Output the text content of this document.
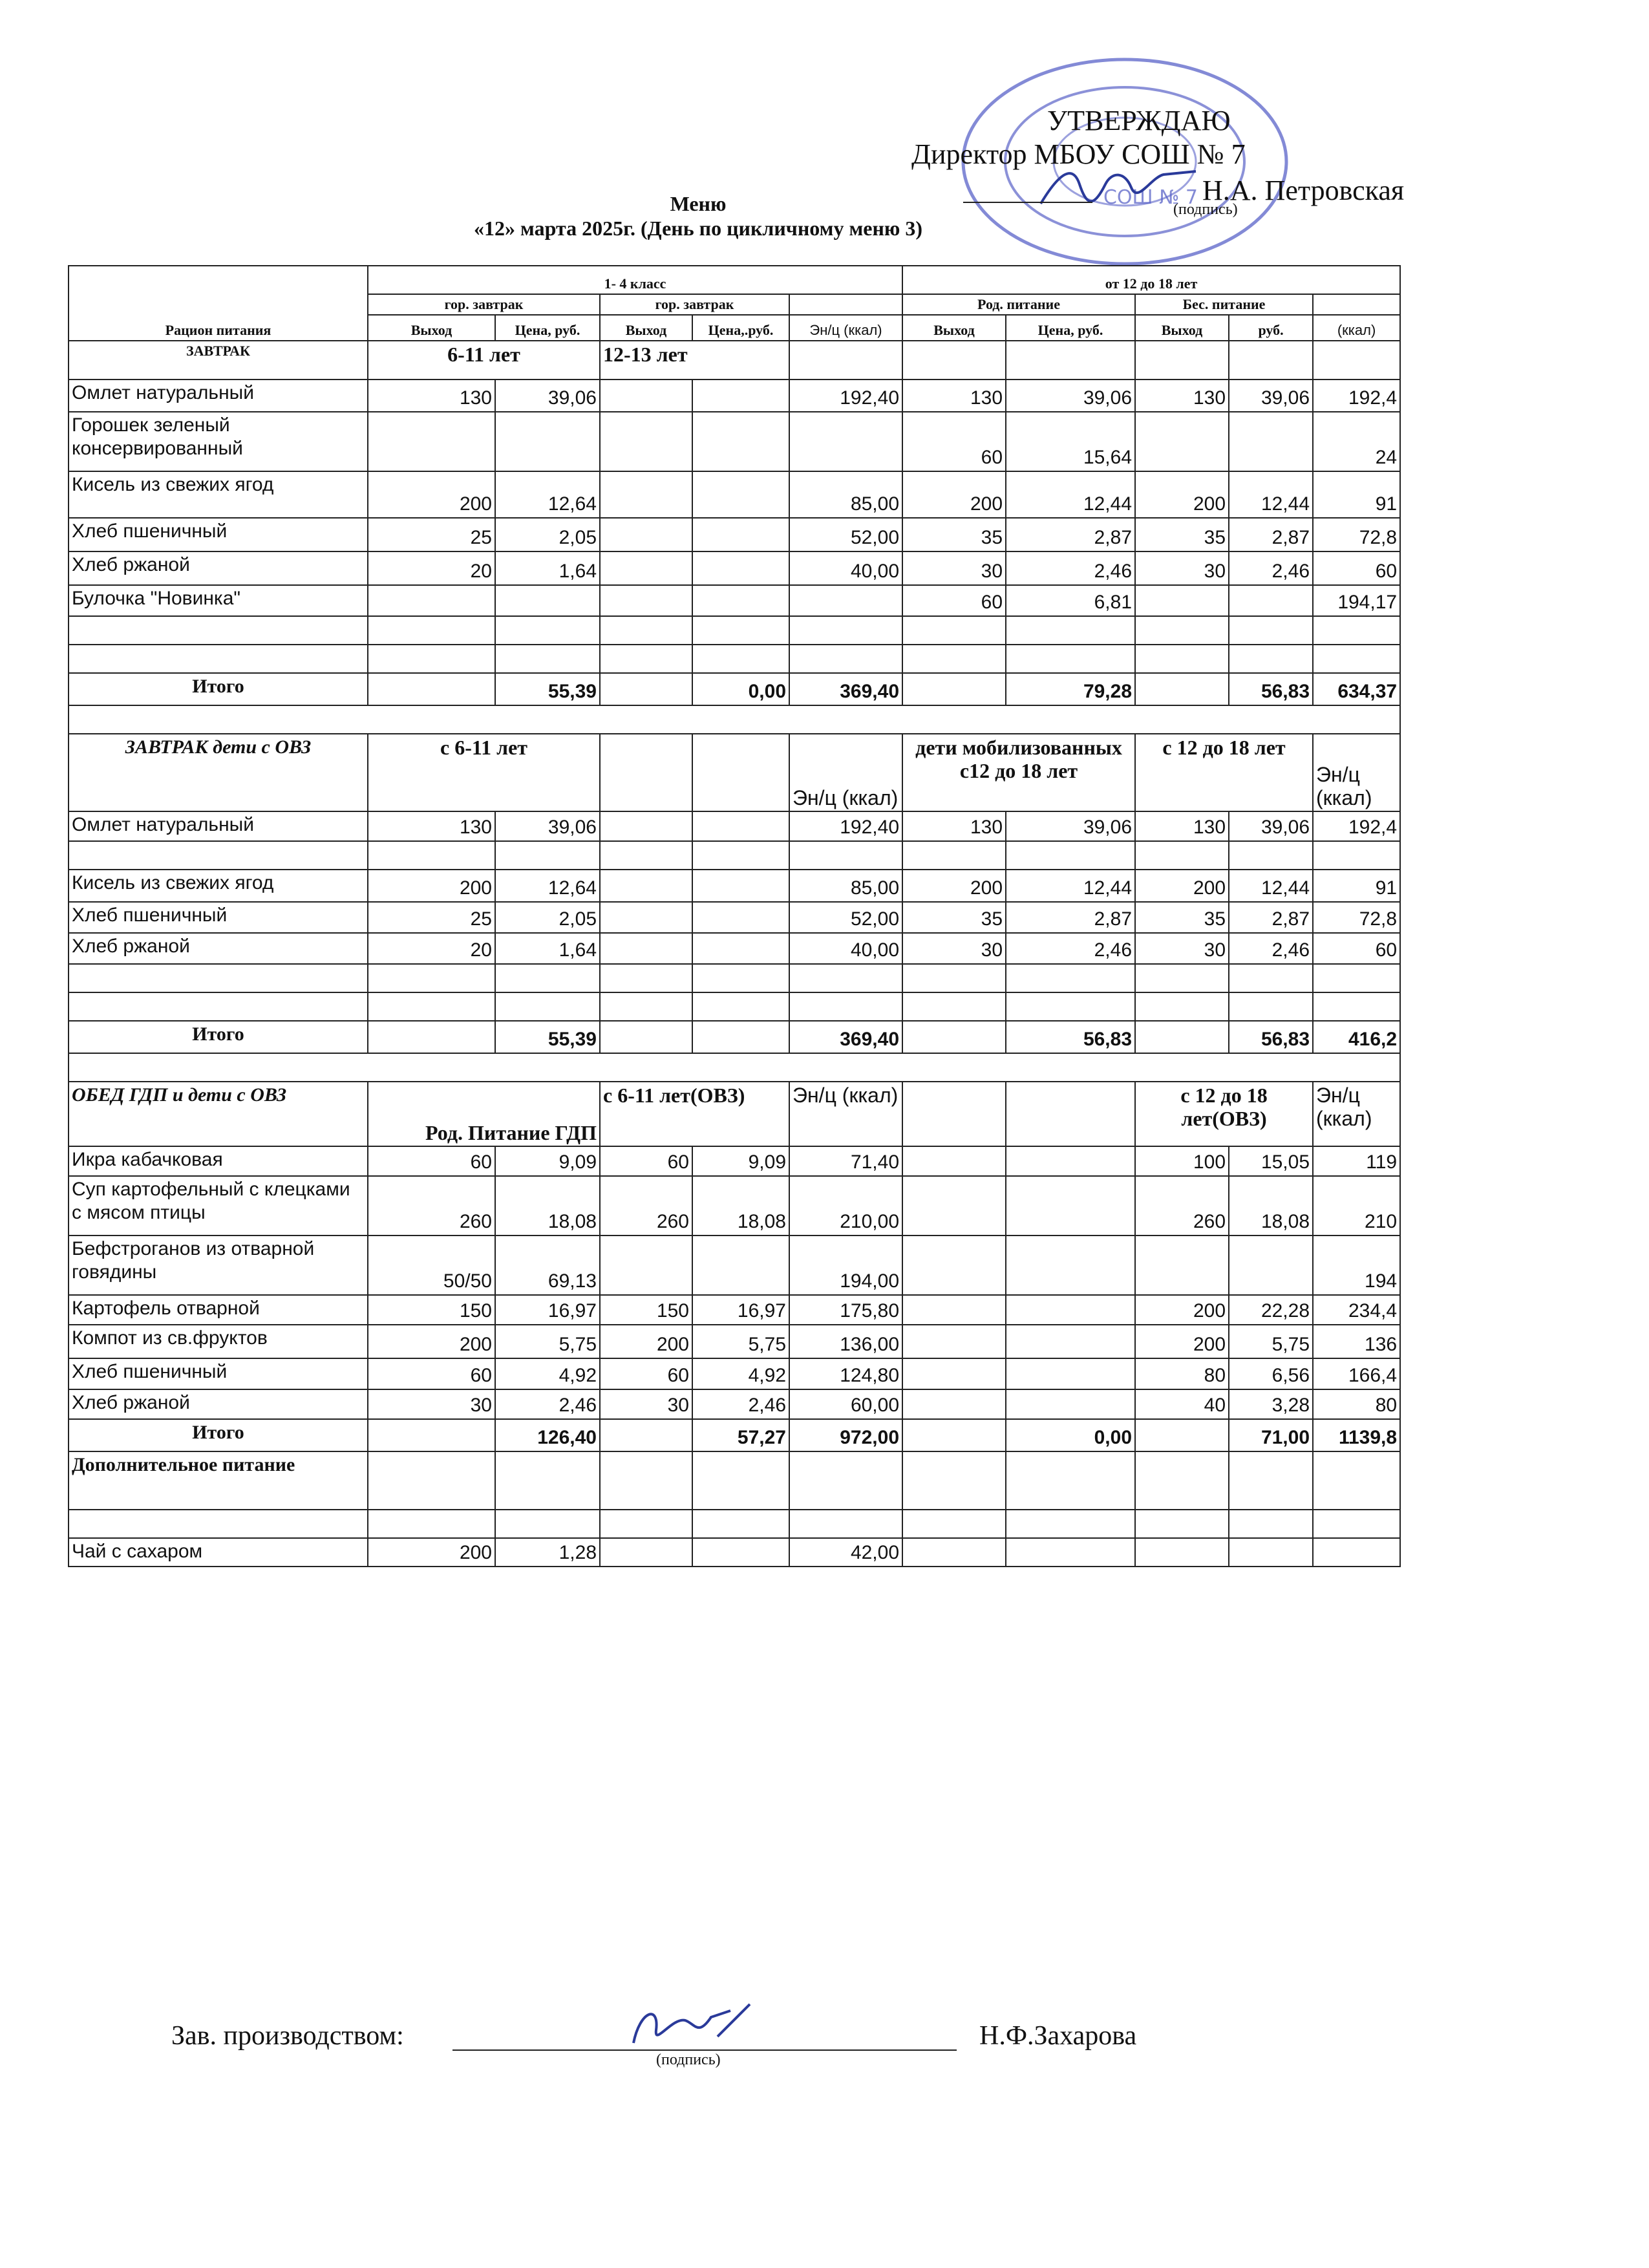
СОШ № 7
УТВЕРЖДАЮ
Директор МБОУ СОШ № 7
Н.А. Петровская
(подпись)
Меню
«12» марта 2025г. (День по цикличному меню 3)
Рацион питания	1- 4 класс					от 12 до 18 лет				
	гор. завтрак		гор. завтрак			Род. питание		Бес. питание		
	Выход	Цена, руб.	Выход	Цена,.руб.	Эн/ц (ккал)	Выход	Цена, руб.	Выход	руб.	(ккал)
ЗАВТРАК	6-11 лет		12-13 лет							
Омлет натуральный	130	39,06			192,40	130	39,06	130	39,06	192,4
Горошек зеленый консервированный						60	15,64			24
Кисель из свежих ягод	200	12,64			85,00	200	12,44	200	12,44	91
Хлеб пшеничный	25	2,05			52,00	35	2,87	35	2,87	72,8
Хлеб ржаной	20	1,64			40,00	30	2,46	30	2,46	60
Булочка "Новинка"						60	6,81			194,17

Итого		55,39		0,00	369,40		79,28		56,83	634,37

ЗАВТРАК дети с ОВЗ	с 6-11 лет				Эн/ц (ккал)	дети мобилизованных с12 до 18 лет		с 12 до 18 лет		Эн/ц (ккал)
Омлет натуральный	130	39,06			192,40	130	39,06	130	39,06	192,4

Кисель из свежих ягод	200	12,64			85,00	200	12,44	200	12,44	91
Хлеб пшеничный	25	2,05			52,00	35	2,87	35	2,87	72,8
Хлеб ржаной	20	1,64			40,00	30	2,46	30	2,46	60

Итого		55,39			369,40		56,83		56,83	416,2

ОБЕД ГДП и дети с ОВЗ	Род. Питание ГДП		с 6-11 лет(ОВЗ)		Эн/ц (ккал)			с 12 до 18 лет(ОВЗ)		Эн/ц (ккал)
Икра кабачковая	60	9,09	60	9,09	71,40			100	15,05	119
Суп картофельный с клецками с мясом птицы	260	18,08	260	18,08	210,00			260	18,08	210
Бефстроганов из отварной говядины	50/50	69,13			194,00					194
Картофель отварной	150	16,97	150	16,97	175,80			200	22,28	234,4
Компот из св.фруктов	200	5,75	200	5,75	136,00			200	5,75	136
Хлеб пшеничный	60	4,92	60	4,92	124,80			80	6,56	166,4
Хлеб ржаной	30	2,46	30	2,46	60,00			40	3,28	80
Итого		126,40		57,27	972,00		0,00		71,00	1139,8
Дополнительное питание										

Чай с сахаром	200	1,28			42,00					
Зав. производством:
(подпись)
Н.Ф.Захарова
